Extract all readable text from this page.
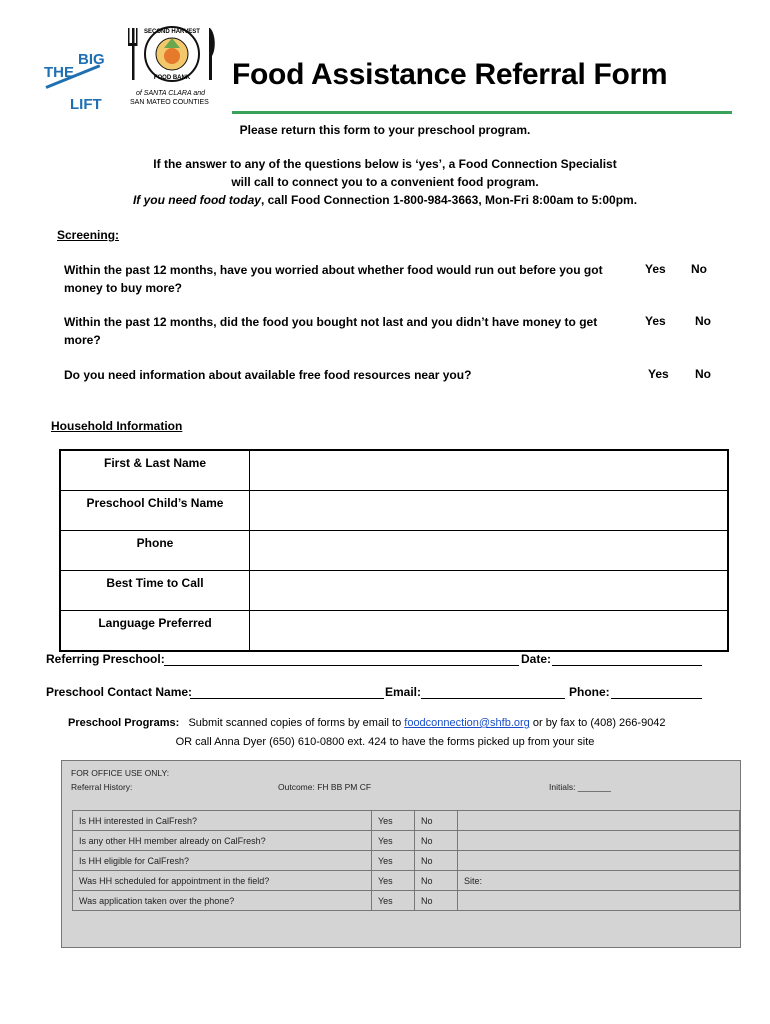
BIG
THE
LIFT
SECOND HARVEST
FOOD BANK
of SANTA CLARA and
SAN MATEO COUNTIES
Food Assistance Referral Form
Please return this form to your preschool program.
If the answer to any of the questions below is ‘yes’, a Food Connection Specialist
will call to connect you to a convenient food program.
If you need food today, call Food Connection 1-800-984-3663, Mon-Fri 8:00am to 5:00pm.
Screening:
Within the past 12 months, have you worried about whether food would run out before you got money to buy more?
Yes No
Within the past 12 months, did the food you bought not last and you didn’t have money to get more?
Yes No
Do you need information about available free food resources near you?	Yes No
Household Information
First & Last Name	
Preschool Child’s Name	
Phone	
Best Time to Call	
Language Preferred	
Referring Preschool:	Date:
Preschool Contact Name:	Email:	Phone:
Preschool Programs: Submit scanned copies of forms by email to foodconnection@shfb.org or by fax to (408) 266-9042
OR call Anna Dyer (650) 610-0800 ext. 424 to have the forms picked up from your site
FOR OFFICE USE ONLY:
Referral History:	Outcome: FH BB PM CF	Initials: _______
Is HH interested in CalFresh?	Yes	No	
Is any other HH member already on CalFresh?	Yes	No	
Is HH eligible for CalFresh?	Yes	No	
Was HH scheduled for appointment in the field?	Yes	No	Site:
Was application taken over the phone?	Yes	No	
